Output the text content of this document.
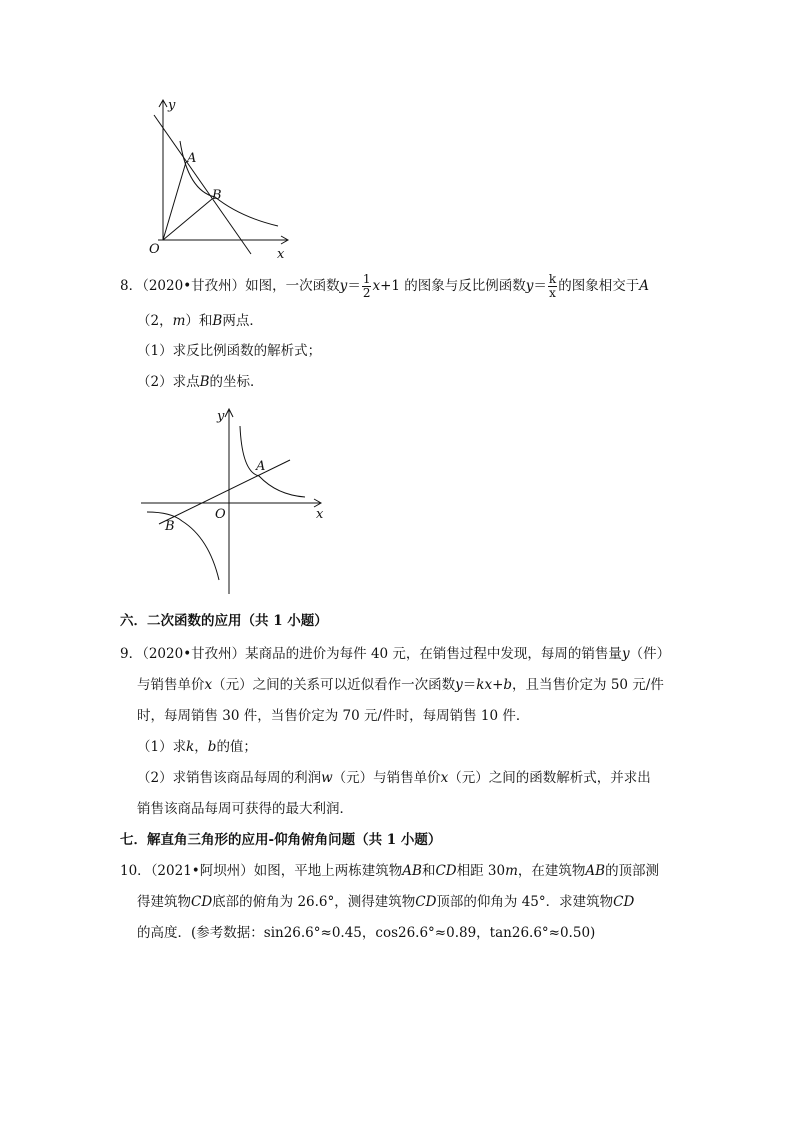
y
x
O
A
B
8．（2020•甘孜州）如图，一次函数$y= \frac{1}{2} x+1$ 的图象与反比例函数$y= \frac{k}{x}$ 的图象相交于A
（2，m）和B两点．
（1）求反比例函数的解析式；
（2）求点B的坐标．
y
x
O
A
B
六．二次函数的应用（共 1 小题）
9．（2020•甘孜州）某商品的进价为每件 40 元，在销售过程中发现，每周的销售量y（件）
与销售单价x（元）之间的关系可以近似看作一次函数y＝kx+b，且当售价定为 50 元/件
时，每周销售 30 件，当售价定为 70 元/件时，每周销售 10 件．
（1）求k，b的值；
（2）求销售该商品每周的利润w（元）与销售单价x（元）之间的函数解析式，并求出
销售该商品每周可获得的最大利润．
七．解直角三角形的应用-仰角俯角问题（共 1 小题）
10．（2021•阿坝州）如图，平地上两栋建筑物AB和CD相距 30m，在建筑物AB的顶部测
得建筑物CD底部的俯角为 26.6°，测得建筑物CD顶部的仰角为 45°．求建筑物CD
的高度．(参考数据：sin26.6°≈0.45，cos26.6°≈0.89，tan26.6°≈0.50)
